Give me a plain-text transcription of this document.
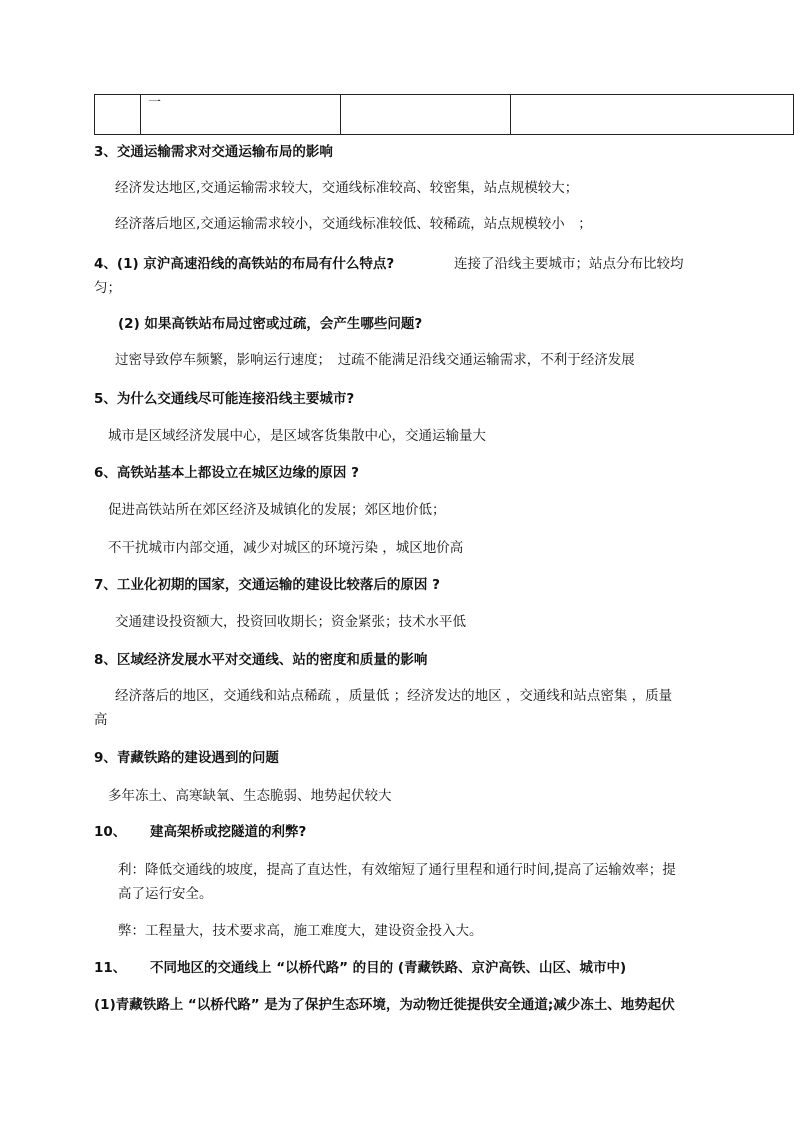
一

3、交通运输需求对交通运输布局的影响
经济发达地区,交通运输需求较大，交通线标准较高、较密集，站点规模较大；
经济落后地区,交通运输需求较小，交通线标准较低、较稀疏，站点规模较小　；
4、(1) 京沪高速沿线的高铁站的布局有什么特点?	连接了沿线主要城市；站点分布比较均
匀；
(2) 如果高铁站布局过密或过疏，会产生哪些问题?
过密导致停车频繁，影响运行速度；　过疏不能满足沿线交通运输需求，不利于经济发展
5、为什么交通线尽可能连接沿线主要城市?
城市是区域经济发展中心，是区域客货集散中心，交通运输量大
6、高铁站基本上都设立在城区边缘的原因 ?
促进高铁站所在郊区经济及城镇化的发展；郊区地价低；
不干扰城市内部交通，减少对城区的环境污染 ，城区地价高
7、工业化初期的国家，交通运输的建设比较落后的原因 ?
交通建设投资额大，投资回收期长；资金紧张；技术水平低
8、区域经济发展水平对交通线、站的密度和质量的影响
经济落后的地区，交通线和站点稀疏 ，质量低 ；经济发达的地区 ，交通线和站点密集 ，质量
高
9、青藏铁路的建设遇到的问题
多年冻土、高寒缺氧、生态脆弱、地势起伏较大
10、 建高架桥或挖隧道的利弊?
利：降低交通线的坡度，提高了直达性，有效缩短了通行里程和通行时间,提高了运输效率；提
高了运行安全。
弊：工程量大，技术要求高，施工难度大，建设资金投入大。
11、 不同地区的交通线上 “以桥代路” 的目的 (青藏铁路、京沪高铁、山区、城市中)
(1)青藏铁路上 “以桥代路” 是为了保护生态环境，为动物迁徙提供安全通道;减少冻土、地势起伏
